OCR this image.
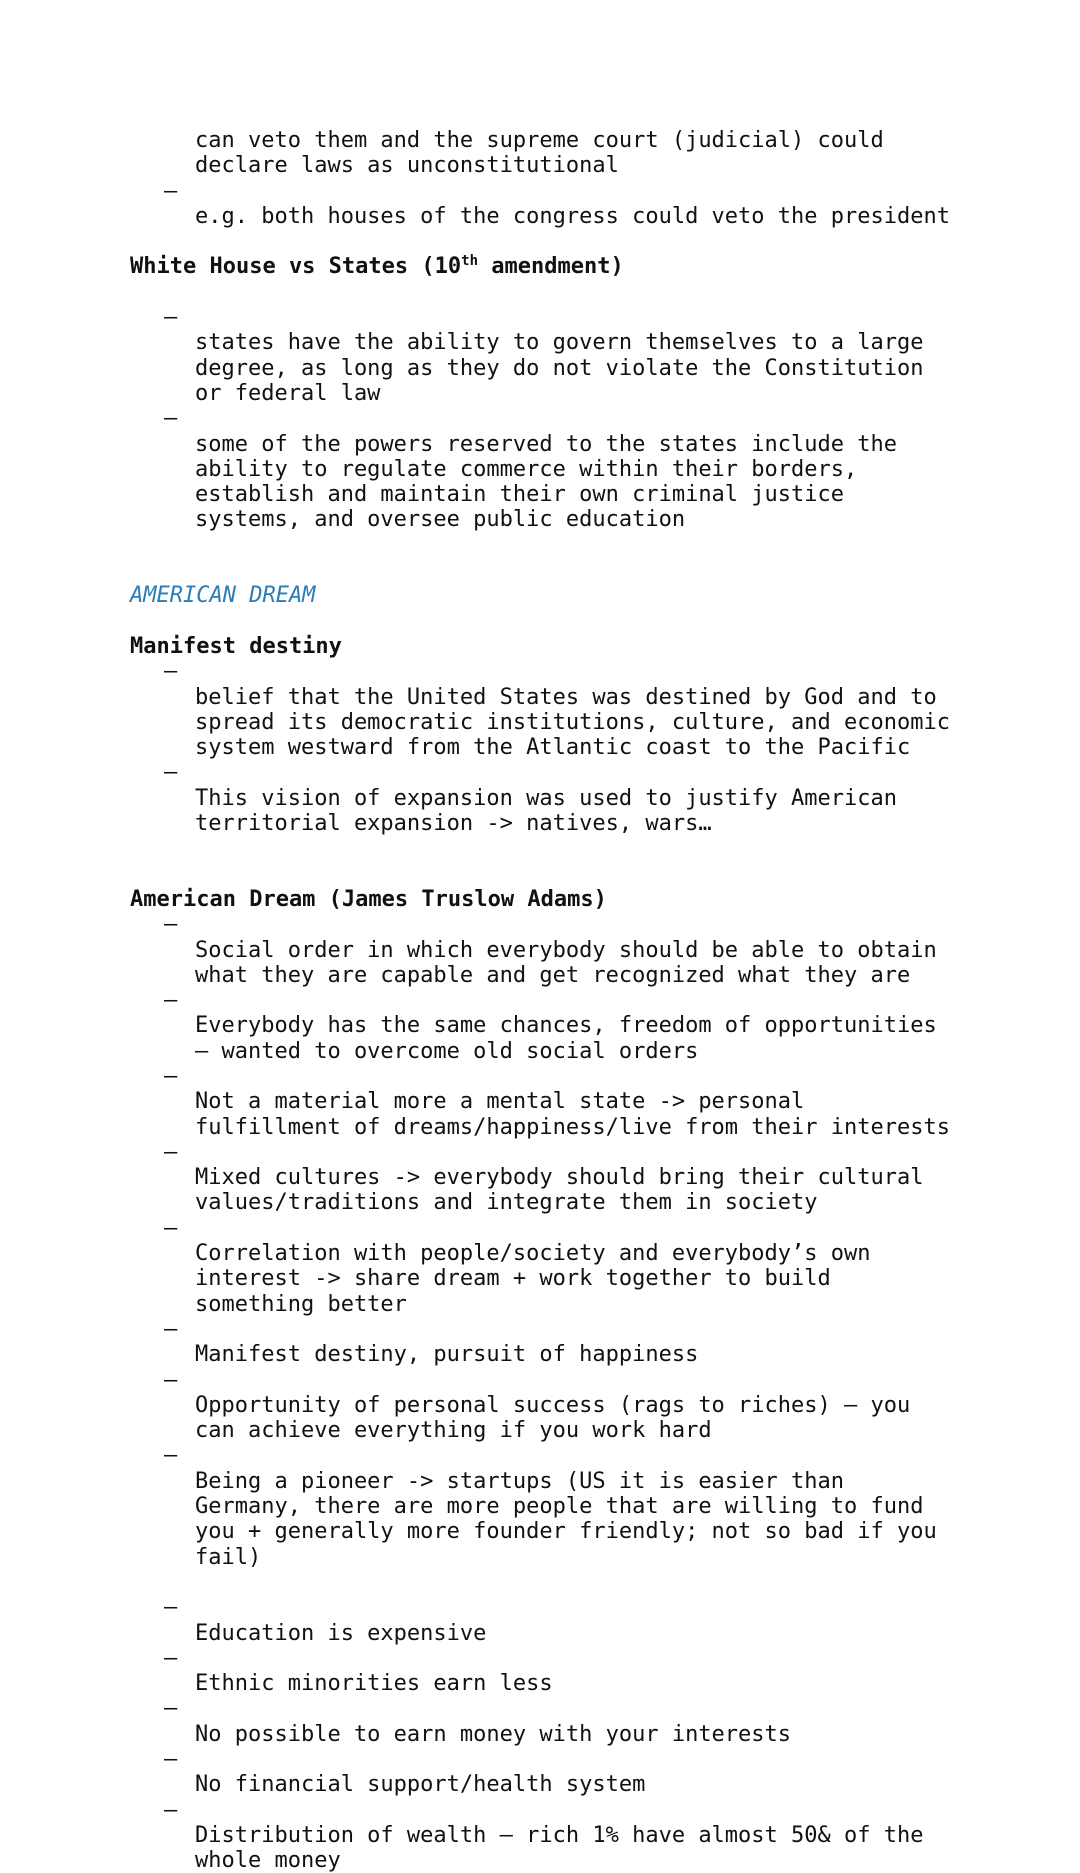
can veto them and the supreme court (judicial) could
declare laws as unconstitutional

–
e.g. both houses of the congress could veto the president

White House vs States (10th amendment)

–
states have the ability to govern themselves to a large
degree, as long as they do not violate the Constitution
or federal law

–
some of the powers reserved to the states include the
ability to regulate commerce within their borders,
establish and maintain their own criminal justice
systems, and oversee public education

AMERICAN DREAM
Manifest destiny

–
belief that the United States was destined by God and to
spread its democratic institutions, culture, and economic
system westward from the Atlantic coast to the Pacific

–
This vision of expansion was used to justify American
territorial expansion -> natives, wars…

American Dream (James Truslow Adams)

–
Social order in which everybody should be able to obtain
what they are capable and get recognized what they are

–
Everybody has the same chances, freedom of opportunities
– wanted to overcome old social orders

–
Not a material more a mental state -> personal
fulfillment of dreams/happiness/live from their interests

–
Mixed cultures -> everybody should bring their cultural
values/traditions and integrate them in society

–
Correlation with people/society and everybody’s own
interest -> share dream + work together to build
something better

–
Manifest destiny, pursuit of happiness

–
Opportunity of personal success (rags to riches) – you
can achieve everything if you work hard

–
Being a pioneer -> startups (US it is easier than
Germany, there are more people that are willing to fund
you + generally more founder friendly; not so bad if you
fail)

–
Education is expensive

–
Ethnic minorities earn less

–
No possible to earn money with your interests

–
No financial support/health system

–
Distribution of wealth – rich 1% have almost 50& of the
whole money
